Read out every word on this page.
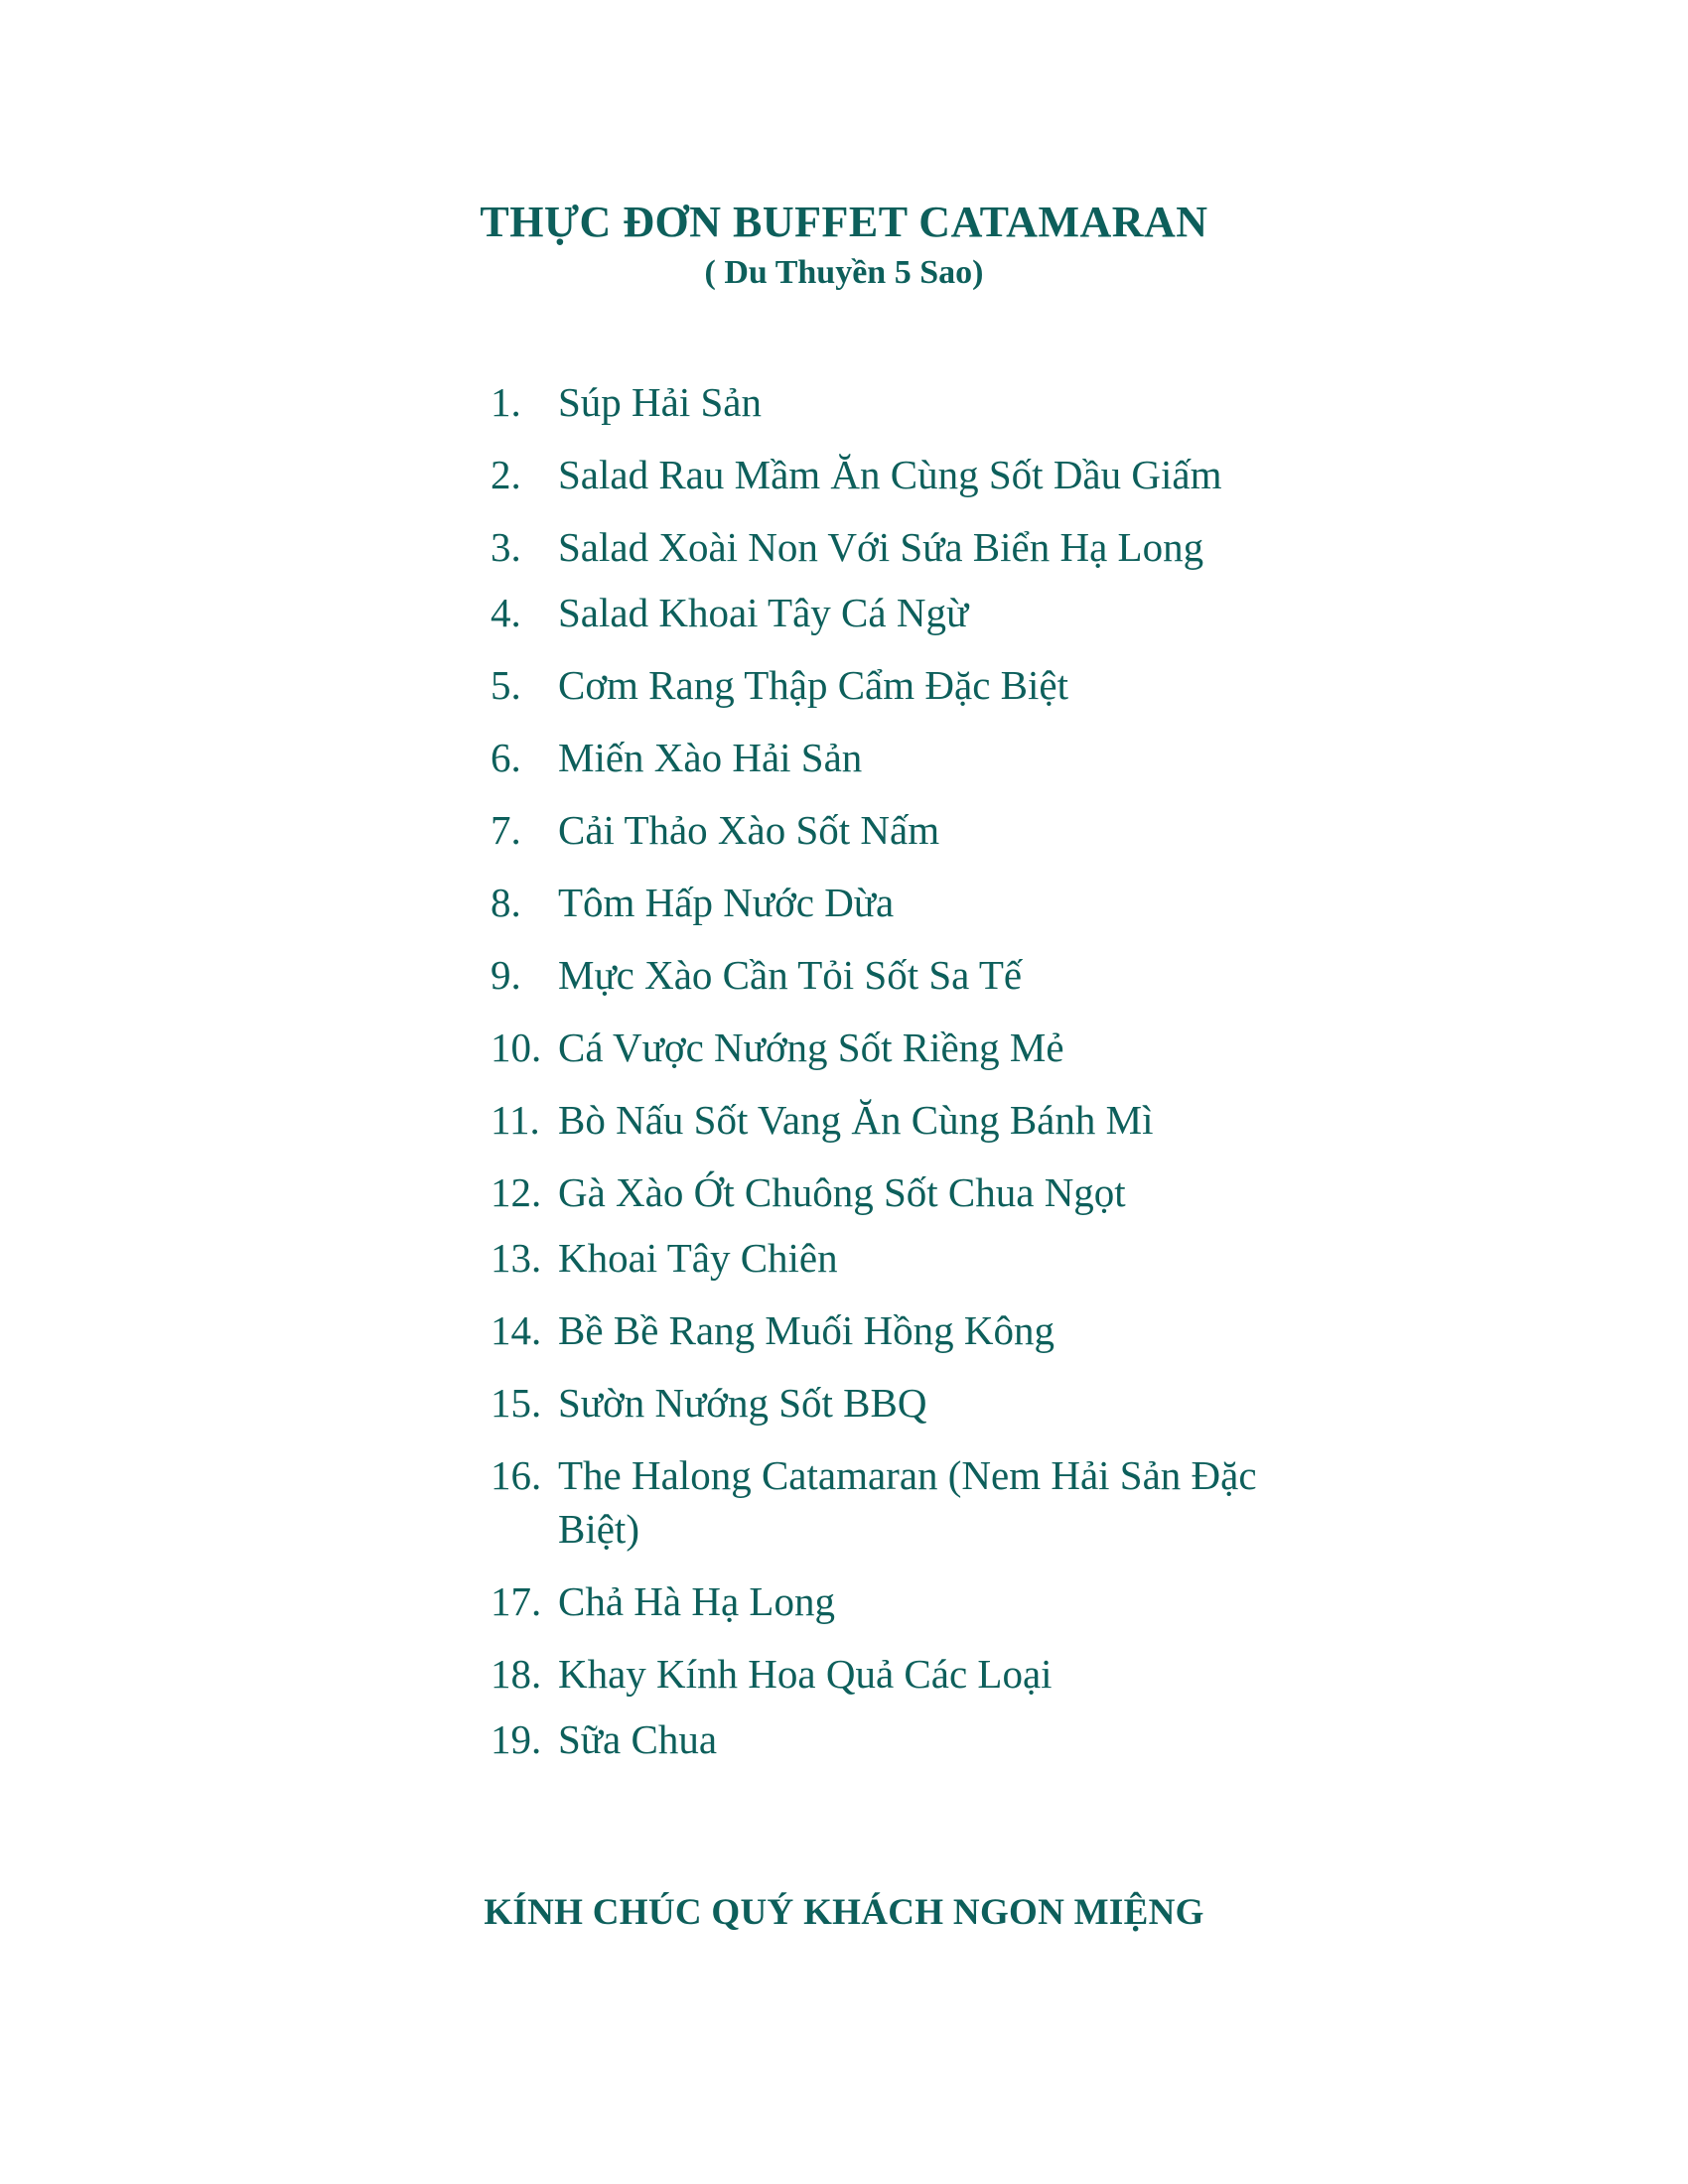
THỰC ĐƠN BUFFET CATAMARAN
( Du Thuyền 5 Sao)
1. Súp Hải Sản
2. Salad Rau Mầm Ăn Cùng Sốt Dầu Giấm
3. Salad Xoài Non Với Sứa Biển Hạ Long
4. Salad Khoai Tây Cá Ngừ
5. Cơm Rang Thập Cẩm Đặc Biệt
6. Miến Xào Hải Sản
7. Cải Thảo Xào Sốt Nấm
8. Tôm Hấp Nước Dừa
9. Mực Xào Cần Tỏi Sốt Sa Tế
10. Cá Vược Nướng Sốt Riềng Mẻ
11. Bò Nấu Sốt Vang Ăn Cùng Bánh Mì
12. Gà Xào Ớt Chuông Sốt Chua Ngọt
13. Khoai Tây Chiên
14. Bề Bề Rang Muối Hồng Kông
15. Sườn Nướng Sốt BBQ
16. The Halong Catamaran (Nem Hải Sản Đặc Biệt)
17. Chả Hà Hạ Long
18. Khay Kính Hoa Quả Các Loại
19. Sữa Chua
KÍNH CHÚC QUÝ KHÁCH NGON MIỆNG
